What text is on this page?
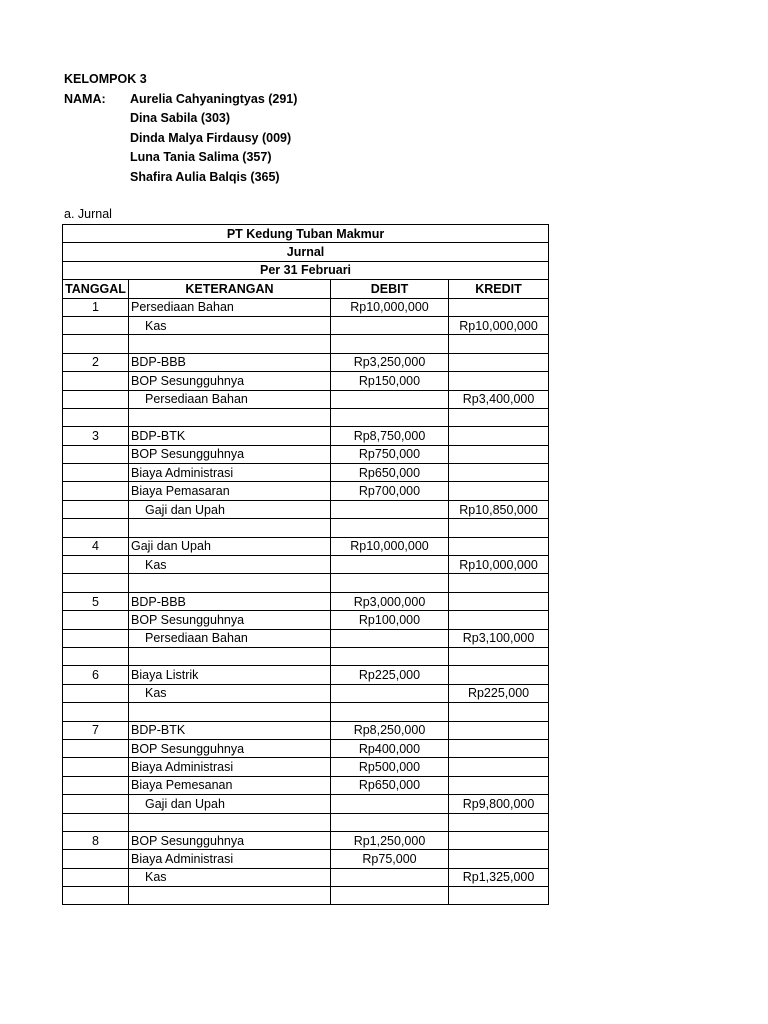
KELOMPOK 3
NAMA:	Aurelia Cahyaningtyas (291)
Dina Sabila (303)
Dinda Malya Firdausy (009)
Luna Tania Salima (357)
Shafira Aulia Balqis (365)
a. Jurnal
PT Kedung Tuban Makmur			
Jurnal			
Per 31 Februari			
TANGGAL	KETERANGAN	DEBIT	KREDIT
1	Persediaan Bahan	Rp10,000,000	
	Kas		Rp10,000,000

2	BDP-BBB	Rp3,250,000	
	BOP Sesungguhnya	Rp150,000	
	Persediaan Bahan		Rp3,400,000

3	BDP-BTK	Rp8,750,000	
	BOP Sesungguhnya	Rp750,000	
	Biaya Administrasi	Rp650,000	
	Biaya Pemasaran	Rp700,000	
	Gaji dan Upah		Rp10,850,000

4	Gaji dan Upah	Rp10,000,000	
	Kas		Rp10,000,000

5	BDP-BBB	Rp3,000,000	
	BOP Sesungguhnya	Rp100,000	
	Persediaan Bahan		Rp3,100,000

6	Biaya Listrik	Rp225,000	
	Kas		Rp225,000

7	BDP-BTK	Rp8,250,000	
	BOP Sesungguhnya	Rp400,000	
	Biaya Administrasi	Rp500,000	
	Biaya Pemesanan	Rp650,000	
	Gaji dan Upah		Rp9,800,000

8	BOP Sesungguhnya	Rp1,250,000	
	Biaya Administrasi	Rp75,000	
	Kas		Rp1,325,000
